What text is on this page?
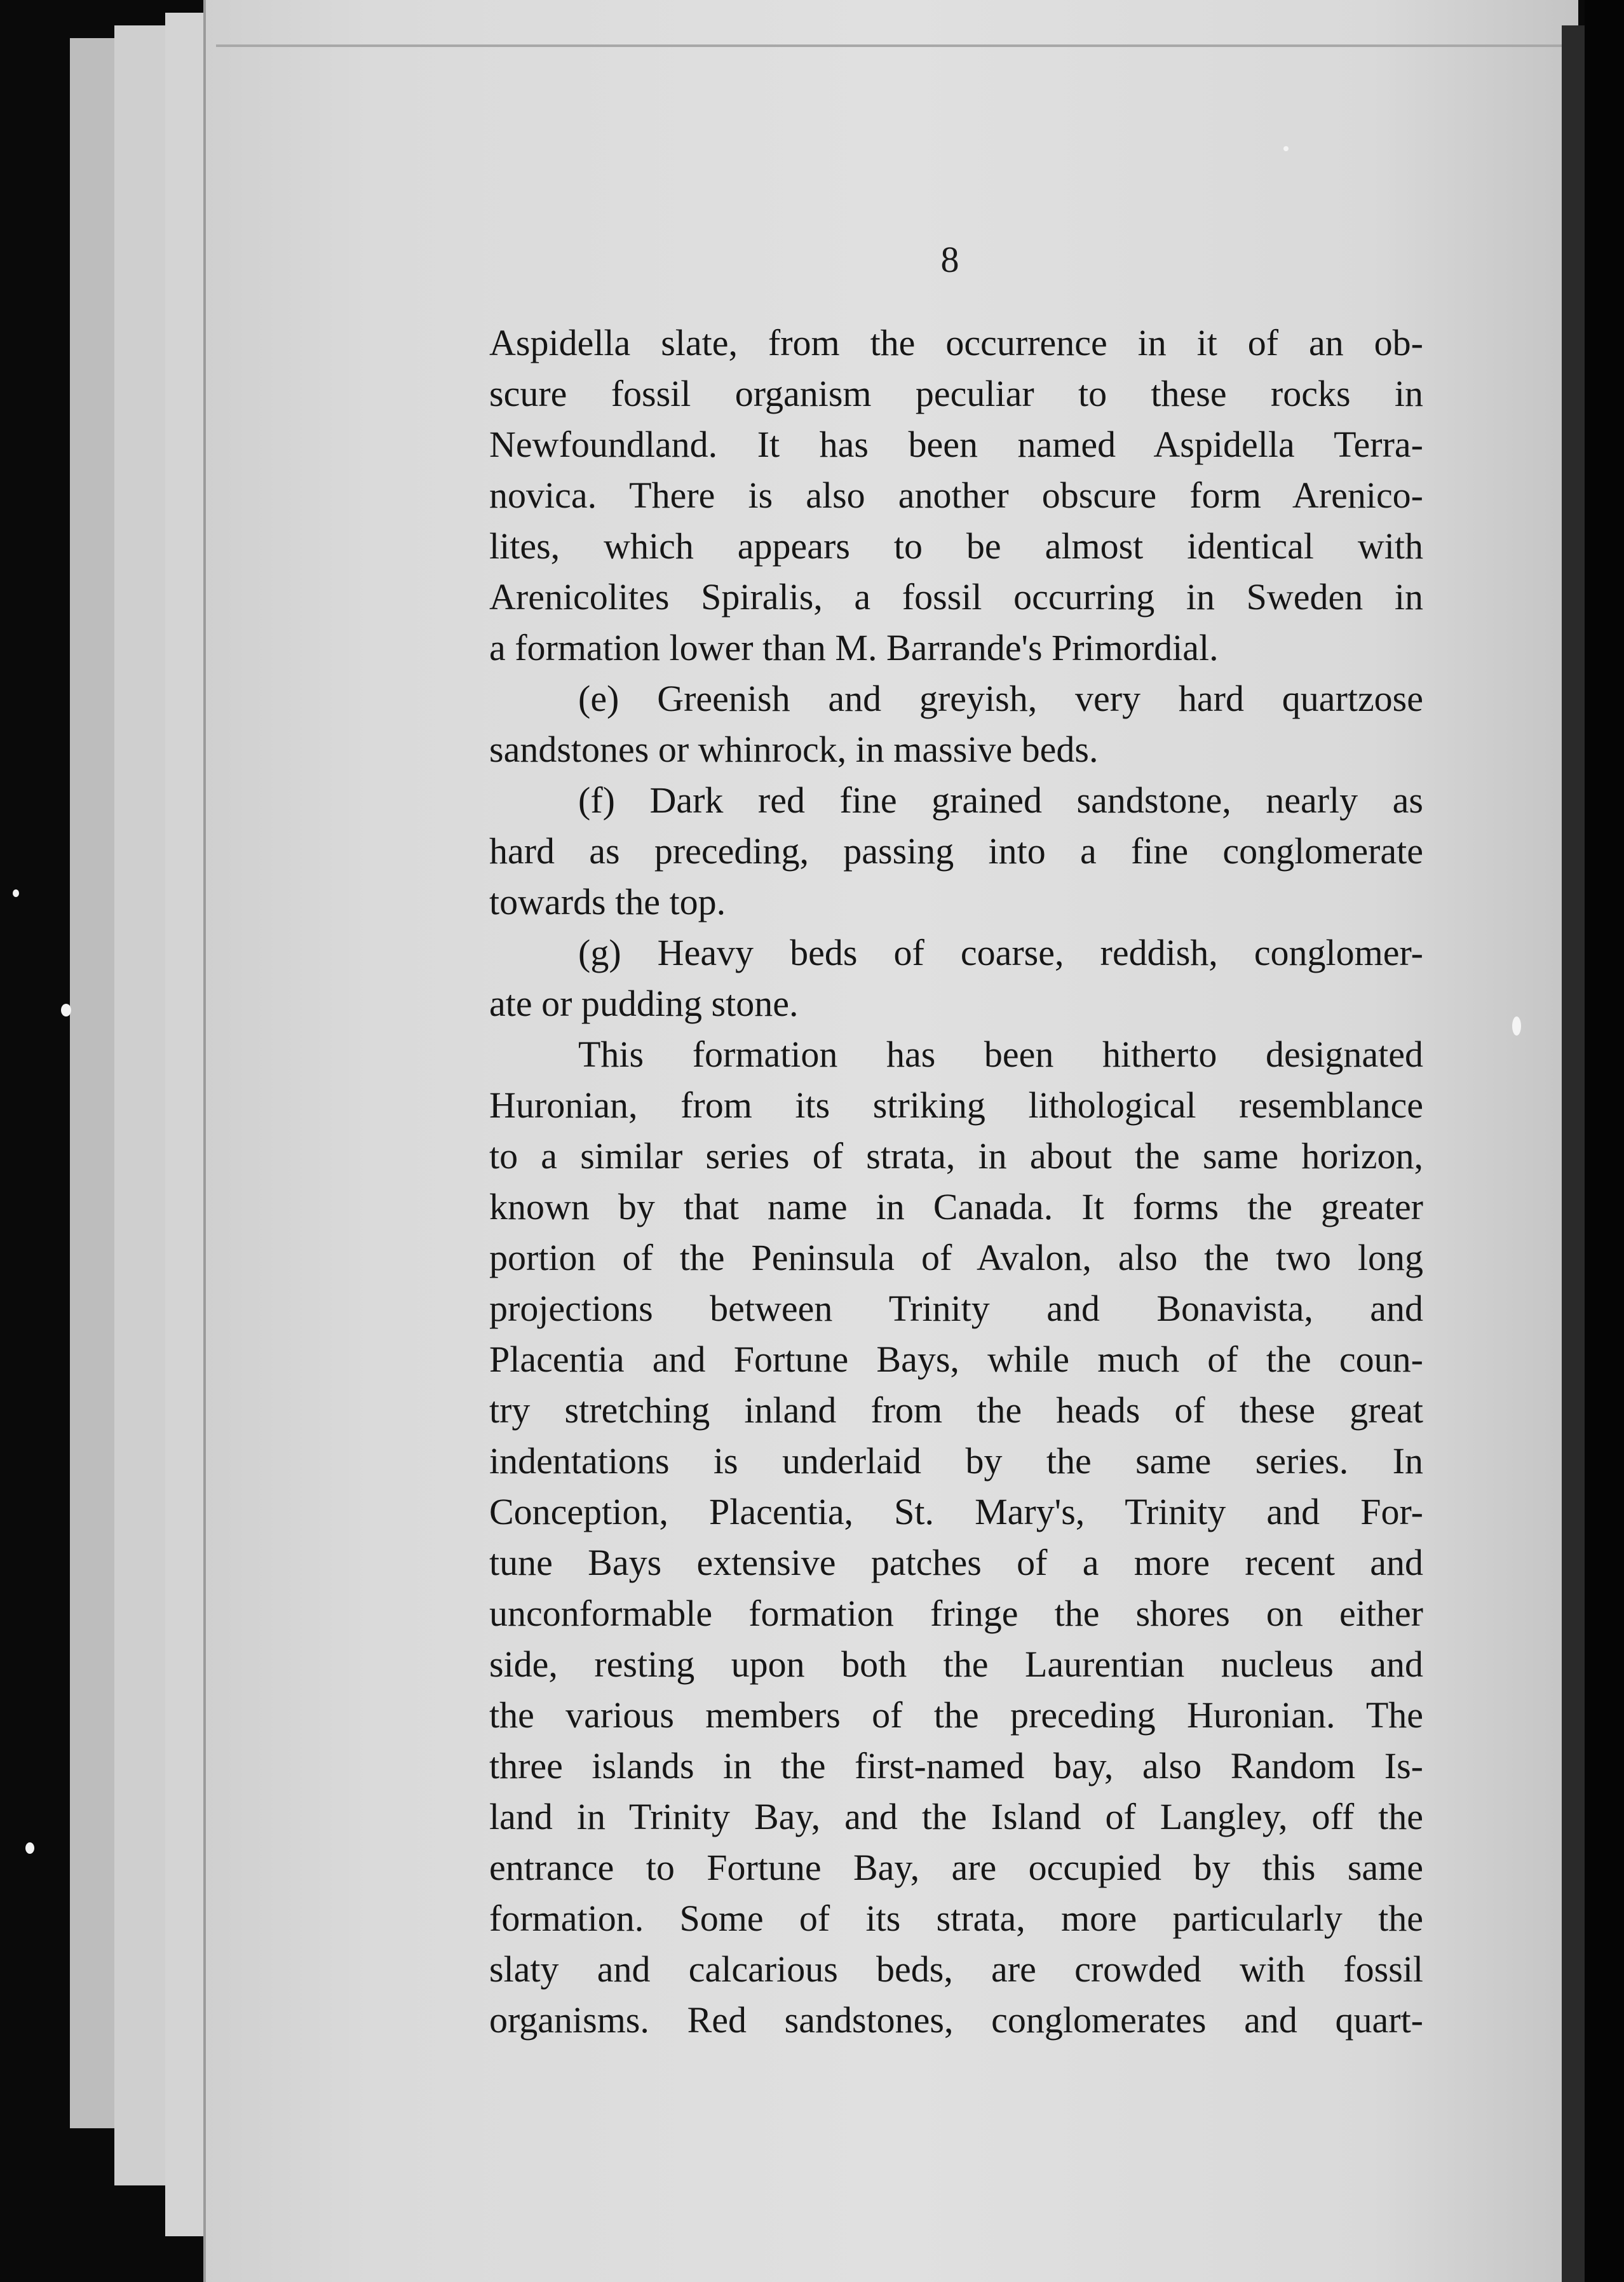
8
Aspidella slate, from the occurrence in it of an ob-
scure fossil organism peculiar to these rocks in
Newfoundland. It has been named Aspidella Terra-
novica. There is also another obscure form Arenico-
lites, which appears to be almost identical with
Arenicolites Spiralis, a fossil occurring in Sweden in
a formation lower than M. Barrande's Primordial.
(e) Greenish and greyish, very hard quartzose
sandstones or whinrock, in massive beds.
(f) Dark red fine grained sandstone, nearly as
hard as preceding, passing into a fine conglomerate
towards the top.
(g) Heavy beds of coarse, reddish, conglomer-
ate or pudding stone.
This formation has been hitherto designated
Huronian, from its striking lithological resemblance
to a similar series of strata, in about the same horizon,
known by that name in Canada. It forms the greater
portion of the Peninsula of Avalon, also the two long
projections between Trinity and Bonavista, and
Placentia and Fortune Bays, while much of the coun-
try stretching inland from the heads of these great
indentations is underlaid by the same series. In
Conception, Placentia, St. Mary's, Trinity and For-
tune Bays extensive patches of a more recent and
unconformable formation fringe the shores on either
side, resting upon both the Laurentian nucleus and
the various members of the preceding Huronian. The
three islands in the first-named bay, also Random Is-
land in Trinity Bay, and the Island of Langley, off the
entrance to Fortune Bay, are occupied by this same
formation. Some of its strata, more particularly the
slaty and calcarious beds, are crowded with fossil
organisms. Red sandstones, conglomerates and quart-
